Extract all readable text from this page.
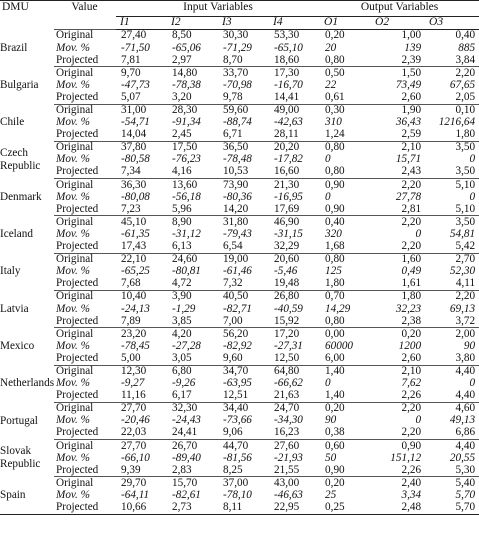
DMU	Value	Input Variables				Output Variables		
		I1	I2	I3	I4	O1	O2	O3
Brazil	Original	27,40	8,50	30,30	53,30	0,20	1,00	0,40
	Mov. %	-71,50	-65,06	-71,29	-65,10	20	139	885
	Projected	7,81	2,97	8,70	18,60	0,80	2,39	3,84
Bulgaria	Original	9,70	14,80	33,70	17,30	0,50	1,50	2,20
	Mov. %	-47,73	-78,38	-70,98	-16,70	22	73,49	67,65
	Projected	5,07	3,20	9,78	14,41	0,61	2,60	2,05
Chile	Original	31,00	28,30	59,60	49,00	0,30	1,90	0,10
	Mov. %	-54,71	-91,34	-88,74	-42,63	310	36,43	1216,64
	Projected	14,04	2,45	6,71	28,11	1,24	2,59	1,80
Czech Republic	Original	37,80	17,50	36,50	20,20	0,80	2,10	3,50
	Mov. %	-80,58	-76,23	-78,48	-17,82	0	15,71	0
	Projected	7,34	4,16	10,53	16,60	0,80	2,43	3,50
Denmark	Original	36,30	13,60	73,90	21,30	0,90	2,20	5,10
	Mov. %	-80,08	-56,18	-80,36	-16,95	0	27,78	0
	Projected	7,23	5,96	14,20	17,69	0,90	2,81	5,10
Iceland	Original	45,10	8,90	31,80	46,90	0,40	2,20	3,50
	Mov. %	-61,35	-31,12	-79,43	-31,15	320	0	54,81
	Projected	17,43	6,13	6,54	32,29	1,68	2,20	5,42
Italy	Original	22,10	24,60	19,00	20,60	0,80	1,60	2,70
	Mov. %	-65,25	-80,81	-61,46	-5,46	125	0,49	52,30
	Projected	7,68	4,72	7,32	19,48	1,80	1,61	4,11
Latvia	Original	10,40	3,90	40,50	26,80	0,70	1,80	2,20
	Mov. %	-24,13	-1,29	-82,71	-40,59	14,29	32,23	69,13
	Projected	7,89	3,85	7,00	15,92	0,80	2,38	3,72
Mexico	Original	23,20	4,20	56,20	17,20	0,00	0,20	2,00
	Mov. %	-78,45	-27,28	-82,92	-27,31	60000	1200	90
	Projected	5,00	3,05	9,60	12,50	6,00	2,60	3,80
Netherlands	Original	12,30	6,80	34,70	64,80	1,40	2,10	4,40
	Mov. %	-9,27	-9,26	-63,95	-66,62	0	7,62	0
	Projected	11,16	6,17	12,51	21,63	1,40	2,26	4,40
Portugal	Original	27,70	32,30	34,40	24,70	0,20	2,20	4,60
	Mov. %	-20,46	-24,43	-73,66	-34,30	90	0	49,13
	Projected	22,03	24,41	9,06	16,23	0,38	2,20	6,86
Slovak Republic	Original	27,70	26,70	44,70	27,60	0,60	0,90	4,40
	Mov. %	-66,10	-89,40	-81,56	-21,93	50	151,12	20,55
	Projected	9,39	2,83	8,25	21,55	0,90	2,26	5,30
Spain	Original	29,70	15,70	37,00	43,00	0,20	2,40	5,40
	Mov. %	-64,11	-82,61	-78,10	-46,63	25	3,34	5,70
	Projected	10,66	2,73	8,11	22,95	0,25	2,48	5,70
